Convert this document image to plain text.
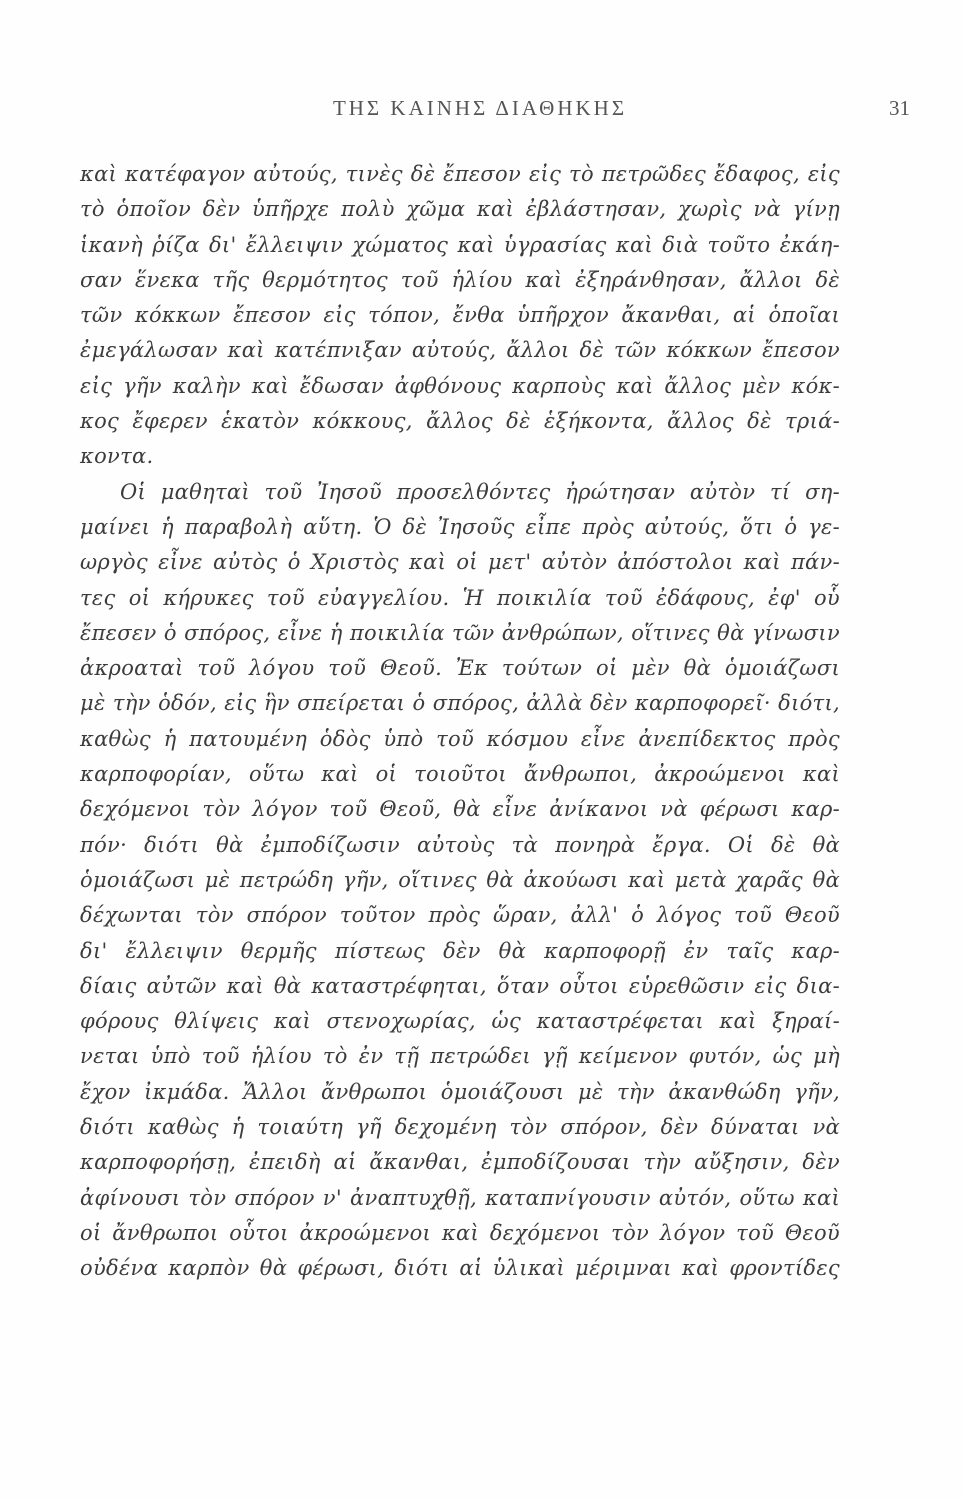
ΤΗΣ ΚΑΙΝΗΣ ΔΙΑΘΗΚΗΣ	31
καὶ κατέφαγον αὐτούς, τινὲς δὲ ἔπεσον εἰς τὸ πετρῶδες ἔδαφος, εἰς
τὸ ὁποῖον δὲν ὑπῆρχε πολὺ χῶμα καὶ ἐβλάστησαν, χωρὶς νὰ γίνῃ
ἱκανὴ ῥίζα δι' ἔλλειψιν χώματος καὶ ὑγρασίας καὶ διὰ τοῦτο ἐκάη-
σαν ἕνεκα τῆς θερμότητος τοῦ ἡλίου καὶ ἐξηράνθησαν, ἄλλοι δὲ
τῶν κόκκων ἔπεσον εἰς τόπον, ἔνθα ὑπῆρχον ἄκανθαι, αἱ ὁποῖαι
ἐμεγάλωσαν καὶ κατέπνιξαν αὐτούς, ἄλλοι δὲ τῶν κόκκων ἔπεσον
εἰς γῆν καλὴν καὶ ἔδωσαν ἀφθόνους καρποὺς καὶ ἄλλος μὲν κόκ-
κος ἔφερεν ἑκατὸν κόκκους, ἄλλος δὲ ἑξήκοντα, ἄλλος δὲ τριά-
κοντα.
Οἱ μαθηταὶ τοῦ Ἰησοῦ προσελθόντες ἠρώτησαν αὐτὸν τί ση-
μαίνει ἡ παραβολὴ αὕτη. Ὁ δὲ Ἰησοῦς εἶπε πρὸς αὐτούς, ὅτι ὁ γε-
ωργὸς εἶνε αὐτὸς ὁ Χριστὸς καὶ οἱ μετ' αὐτὸν ἀπόστολοι καὶ πάν-
τες οἱ κήρυκες τοῦ εὐαγγελίου. Ἡ ποικιλία τοῦ ἐδάφους, ἐφ' οὗ
ἔπεσεν ὁ σπόρος, εἶνε ἡ ποικιλία τῶν ἀνθρώπων, οἵτινες θὰ γίνωσιν
ἀκροαταὶ τοῦ λόγου τοῦ Θεοῦ. Ἐκ τούτων οἱ μὲν θὰ ὁμοιάζωσι
μὲ τὴν ὁδόν, εἰς ἣν σπείρεται ὁ σπόρος, ἀλλὰ δὲν καρποφορεῖ· διότι,
καθὼς ἡ πατουμένη ὁδὸς ὑπὸ τοῦ κόσμου εἶνε ἀνεπίδεκτος πρὸς
καρποφορίαν, οὕτω καὶ οἱ τοιοῦτοι ἄνθρωποι, ἀκροώμενοι καὶ
δεχόμενοι τὸν λόγον τοῦ Θεοῦ, θὰ εἶνε ἀνίκανοι νὰ φέρωσι καρ-
πόν· διότι θὰ ἐμποδίζωσιν αὐτοὺς τὰ πονηρὰ ἔργα. Οἱ δὲ θὰ
ὁμοιάζωσι μὲ πετρώδη γῆν, οἵτινες θὰ ἀκούωσι καὶ μετὰ χαρᾶς θὰ
δέχωνται τὸν σπόρον τοῦτον πρὸς ὥραν, ἀλλ' ὁ λόγος τοῦ Θεοῦ
δι' ἔλλειψιν θερμῆς πίστεως δὲν θὰ καρποφορῇ ἐν ταῖς καρ-
δίαις αὐτῶν καὶ θὰ καταστρέφηται, ὅταν οὗτοι εὑρεθῶσιν εἰς δια-
φόρους θλίψεις καὶ στενοχωρίας, ὡς καταστρέφεται καὶ ξηραί-
νεται ὑπὸ τοῦ ἡλίου τὸ ἐν τῇ πετρώδει γῇ κείμενον φυτόν, ὡς μὴ
ἔχον ἰκμάδα. Ἄλλοι ἄνθρωποι ὁμοιάζουσι μὲ τὴν ἀκανθώδη γῆν,
διότι καθὼς ἡ τοιαύτη γῆ δεχομένη τὸν σπόρον, δὲν δύναται νὰ
καρποφορήσῃ, ἐπειδὴ αἱ ἄκανθαι, ἐμποδίζουσαι τὴν αὔξησιν, δὲν
ἀφίνουσι τὸν σπόρον ν' ἀναπτυχθῇ, καταπνίγουσιν αὐτόν, οὕτω καὶ
οἱ ἄνθρωποι οὗτοι ἀκροώμενοι καὶ δεχόμενοι τὸν λόγον τοῦ Θεοῦ
οὐδένα καρπὸν θὰ φέρωσι, διότι αἱ ὑλικαὶ μέριμναι καὶ φροντίδες
